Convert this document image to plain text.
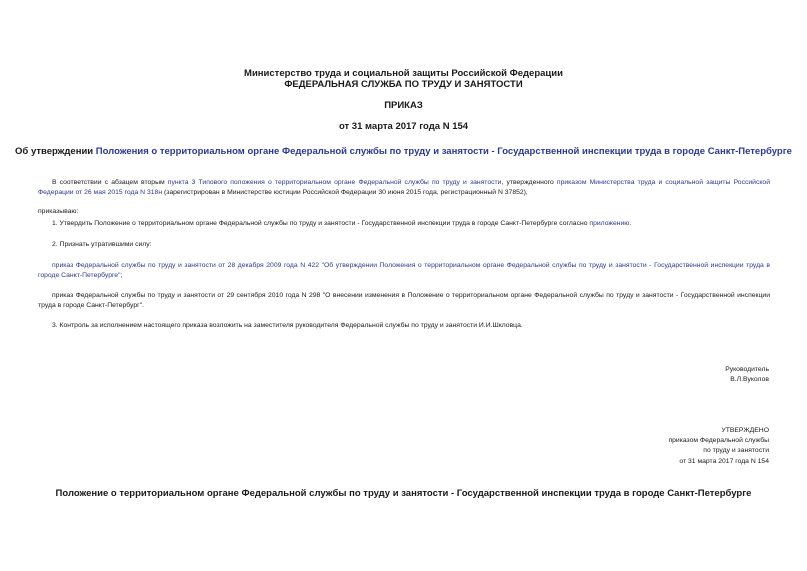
Министерство труда и социальной защиты Российской Федерации
ФЕДЕРАЛЬНАЯ СЛУЖБА ПО ТРУДУ И ЗАНЯТОСТИ
ПРИКАЗ
от 31 марта 2017 года N 154
Об утверждении Положения о территориальном органе Федеральной службы по труду и занятости - Государственной инспекции труда в городе Санкт-Петербурге
В соответствии с абзацем вторым пункта 3 Типового положения о территориальном органе Федеральной службы по труду и занятости, утвержденного приказом Министерства труда и социальной защиты Российской Федерации от 26 мая 2015 года N 318н (зарегистрирован в Министерстве юстиции Российской Федерации 30 июня 2015 года, регистрационный N 37852),
приказываю:
1. Утвердить Положение о территориальном органе Федеральной службы по труду и занятости - Государственной инспекции труда в городе Санкт-Петербурге согласно приложению.
2. Признать утратившими силу:
приказ Федеральной службы по труду и занятости от 28 декабря 2009 года N 422 "Об утверждении Положения о территориальном органе Федеральной службы по труду и занятости - Государственной инспекции труда в городе Санкт-Петербурге";
приказ Федеральной службы по труду и занятости от 29 сентября 2010 года N 298 "О внесении изменения в Положение о территориальном органе Федеральной службы по труду и занятости - Государственной инспекции труда в городе Санкт-Петербург".
3. Контроль за исполнением настоящего приказа возложить на заместителя руководителя Федеральной службы по труду и занятости И.И.Шкловца.
Руководитель
В.Л.Вуколов
УТВЕРЖДЕНО
приказом Федеральной службы
по труду и занятости
от 31 марта 2017 года N 154
Положение о территориальном органе Федеральной службы по труду и занятости - Государственной инспекции труда в городе Санкт-Петербурге
